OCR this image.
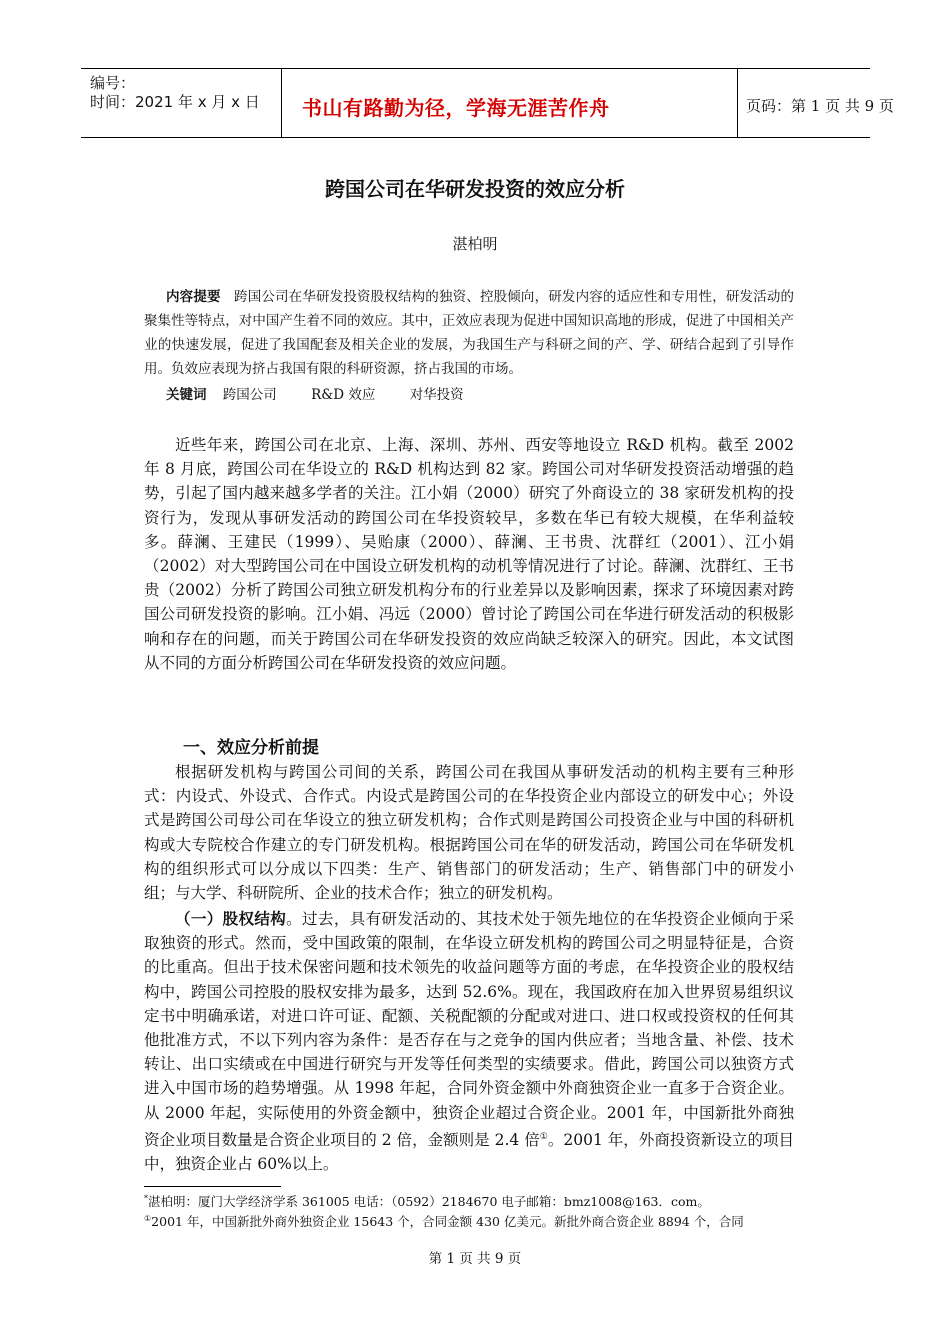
编号：
时间：2021 年 x 月 x 日 书山有路勤为径，学海无涯苦作舟	页码：第 1 页 共 9 页
跨国公司在华研发投资的效应分析
湛柏明
内容提要 跨国公司在华研发投资股权结构的独资、控股倾向，研发内容的适应性和专用性，研发活动的聚集性等特点，对中国产生着不同的效应。其中，正效应表现为促进中国知识高地的形成，促进了中国相关产业的快速发展，促进了我国配套及相关企业的发展，为我国生产与科研之间的产、学、研结合起到了引导作用。负效应表现为挤占我国有限的科研资源，挤占我国的市场。
关键词 跨国公司	R&D 效应	对华投资

近些年来，跨国公司在北京、上海、深圳、苏州、西安等地设立 R&D 机构。截至 2002 年 8 月底，跨国公司在华设立的 R&D 机构达到 82 家。跨国公司对华研发投资活动增强的趋势，引起了国内越来越多学者的关注。江小娟（2000）研究了外商设立的 38 家研发机构的投资行为，发现从事研发活动的跨国公司在华投资较早，多数在华已有较大规模，在华利益较多。薛澜、王建民（1999）、吴贻康（2000）、薛澜、王书贵、沈群红（2001）、江小娟（2002）对大型跨国公司在中国设立研发机构的动机等情况进行了讨论。薛澜、沈群红、王书贵（2002）分析了跨国公司独立研发机构分布的行业差异以及影响因素，探求了环境因素对跨国公司研发投资的影响。江小娟、冯远（2000）曾讨论了跨国公司在华进行研发活动的积极影响和存在的问题，而关于跨国公司在华研发投资的效应尚缺乏较深入的研究。因此，本文试图从不同的方面分析跨国公司在华研发投资的效应问题。

一、效应分析前提

根据研发机构与跨国公司间的关系，跨国公司在我国从事研发活动的机构主要有三种形式：内设式、外设式、合作式。内设式是跨国公司的在华投资企业内部设立的研发中心；外设式是跨国公司母公司在华设立的独立研发机构；合作式则是跨国公司投资企业与中国的科研机构或大专院校合作建立的专门研发机构。根据跨国公司在华的研发活动，跨国公司在华研发机构的组织形式可以分成以下四类：生产、销售部门的研发活动；生产、销售部门中的研发小组；与大学、科研院所、企业的技术合作；独立的研发机构。

（一）股权结构。过去，具有研发活动的、其技术处于领先地位的在华投资企业倾向于采取独资的形式。然而，受中国政策的限制，在华设立研发机构的跨国公司之明显特征是，合资的比重高。但出于技术保密问题和技术领先的收益问题等方面的考虑，在华投资企业的股权结构中，跨国公司控股的股权安排为最多，达到 52.6%。现在，我国政府在加入世界贸易组织议定书中明确承诺，对进口许可证、配额、关税配额的分配或对进口、进口权或投资权的任何其他批准方式，不以下列内容为条件：是否存在与之竞争的国内供应者；当地含量、补偿、技术转让、出口实绩或在中国进行研究与开发等任何类型的实绩要求。借此，跨国公司以独资方式进入中国市场的趋势增强。从 1998 年起，合同外资金额中外商独资企业一直多于合资企业。从 2000 年起，实际使用的外资金额中，独资企业超过合资企业。2001 年，中国新批外商独资企业项目数量是合资企业项目的 2 倍，金额则是 2.4 倍①。2001 年，外商投资新设立的项目中，独资企业占 60%以上。

*湛柏明：厦门大学经济学系 361005 电话：（0592）2184670 电子邮箱：bmz1008@163．com。
①2001 年，中国新批外商外独资企业 15643 个，合同金额 430 亿美元。新批外商合资企业 8894 个，合同
第 1 页 共 9 页
